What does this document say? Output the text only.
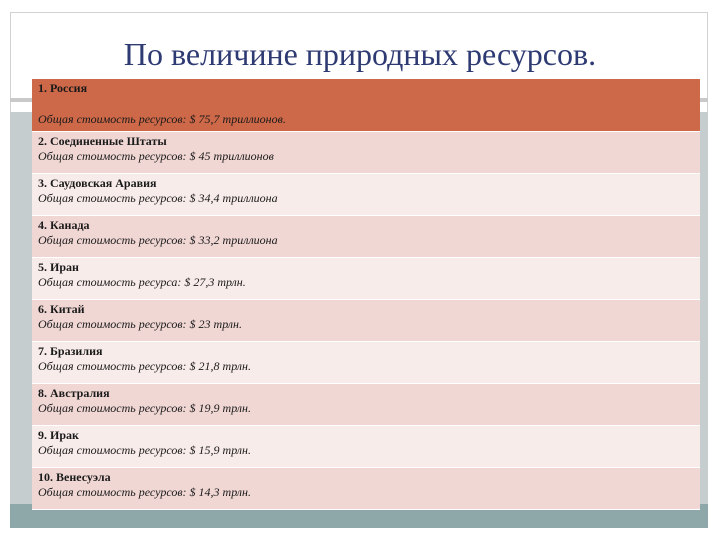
По величине природных ресурсов.
1. Россия
Общая стоимость ресурсов: $ 75,7 триллионов.

2. Соединенные Штаты
Общая стоимость ресурсов: $ 45 триллионов

3. Саудовская Аравия
Общая стоимость ресурсов: $ 34,4 триллиона

4. Канада
Общая стоимость ресурсов: $ 33,2 триллиона

5. Иран
Общая стоимость ресурса: $ 27,3 трлн.

6. Китай
Общая стоимость ресурсов: $ 23 трлн.

7. Бразилия
Общая стоимость ресурсов: $ 21,8 трлн.

8. Австралия
Общая стоимость ресурсов: $ 19,9 трлн.

9. Ирак
Общая стоимость ресурсов: $ 15,9 трлн.

10. Венесуэла
Общая стоимость ресурсов: $ 14,3 трлн.
